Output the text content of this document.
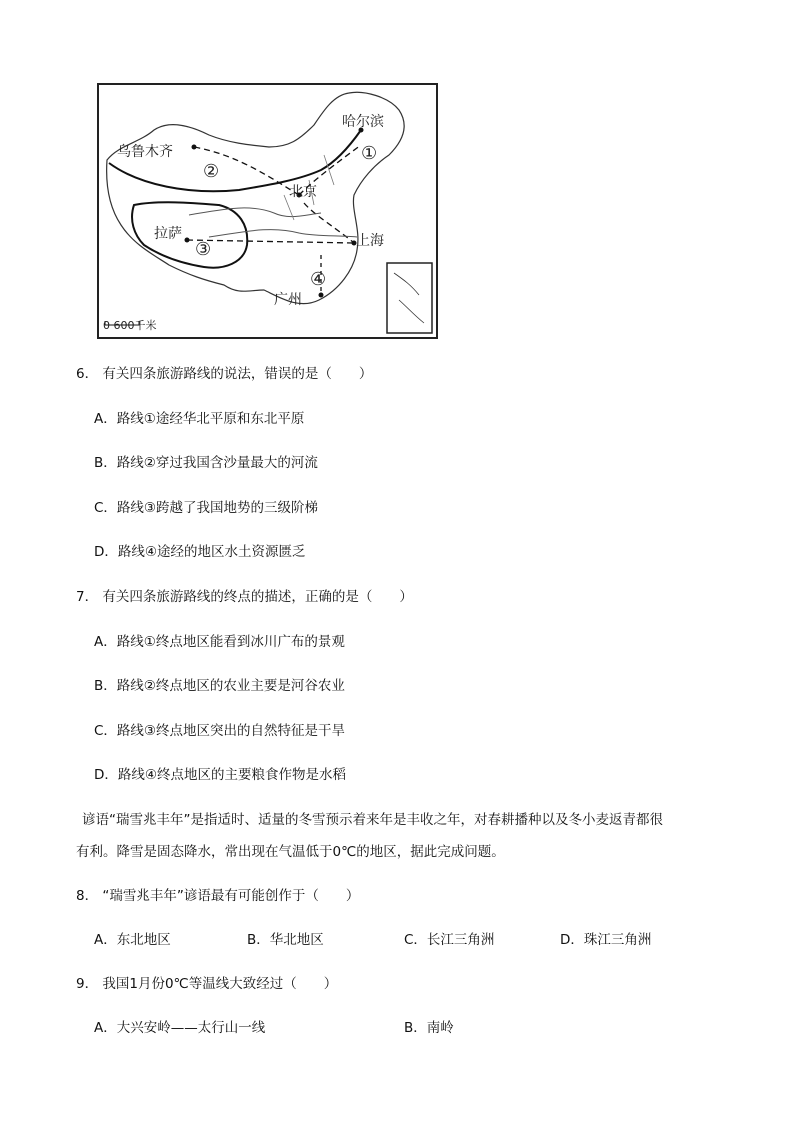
哈尔滨
乌鲁木齐
北京
拉萨	上海
广州
①
②
③
④
0 600千米
6． 有关四条旅游路线的说法，错误的是（　　）
A．路线①途经华北平原和东北平原
B．路线②穿过我国含沙量最大的河流
C．路线③跨越了我国地势的三级阶梯
D．路线④途经的地区水土资源匮乏
7． 有关四条旅游路线的终点的描述，正确的是（　　）
A．路线①终点地区能看到冰川广布的景观
B．路线②终点地区的农业主要是河谷农业
C．路线③终点地区突出的自然特征是干旱
D．路线④终点地区的主要粮食作物是水稻
谚语“瑞雪兆丰年”是指适时、适量的冬雪预示着来年是丰收之年，对春耕播种以及冬小麦返青都很
有利。降雪是固态降水，常出现在气温低于0℃的地区，据此完成问题。
8． “瑞雪兆丰年”谚语最有可能创作于（　　）
A．东北地区	B．华北地区	C．长江三角洲	D．珠江三角洲
9． 我国1月份0℃等温线大致经过（　　）
A．大兴安岭——太行山一线	B．南岭
